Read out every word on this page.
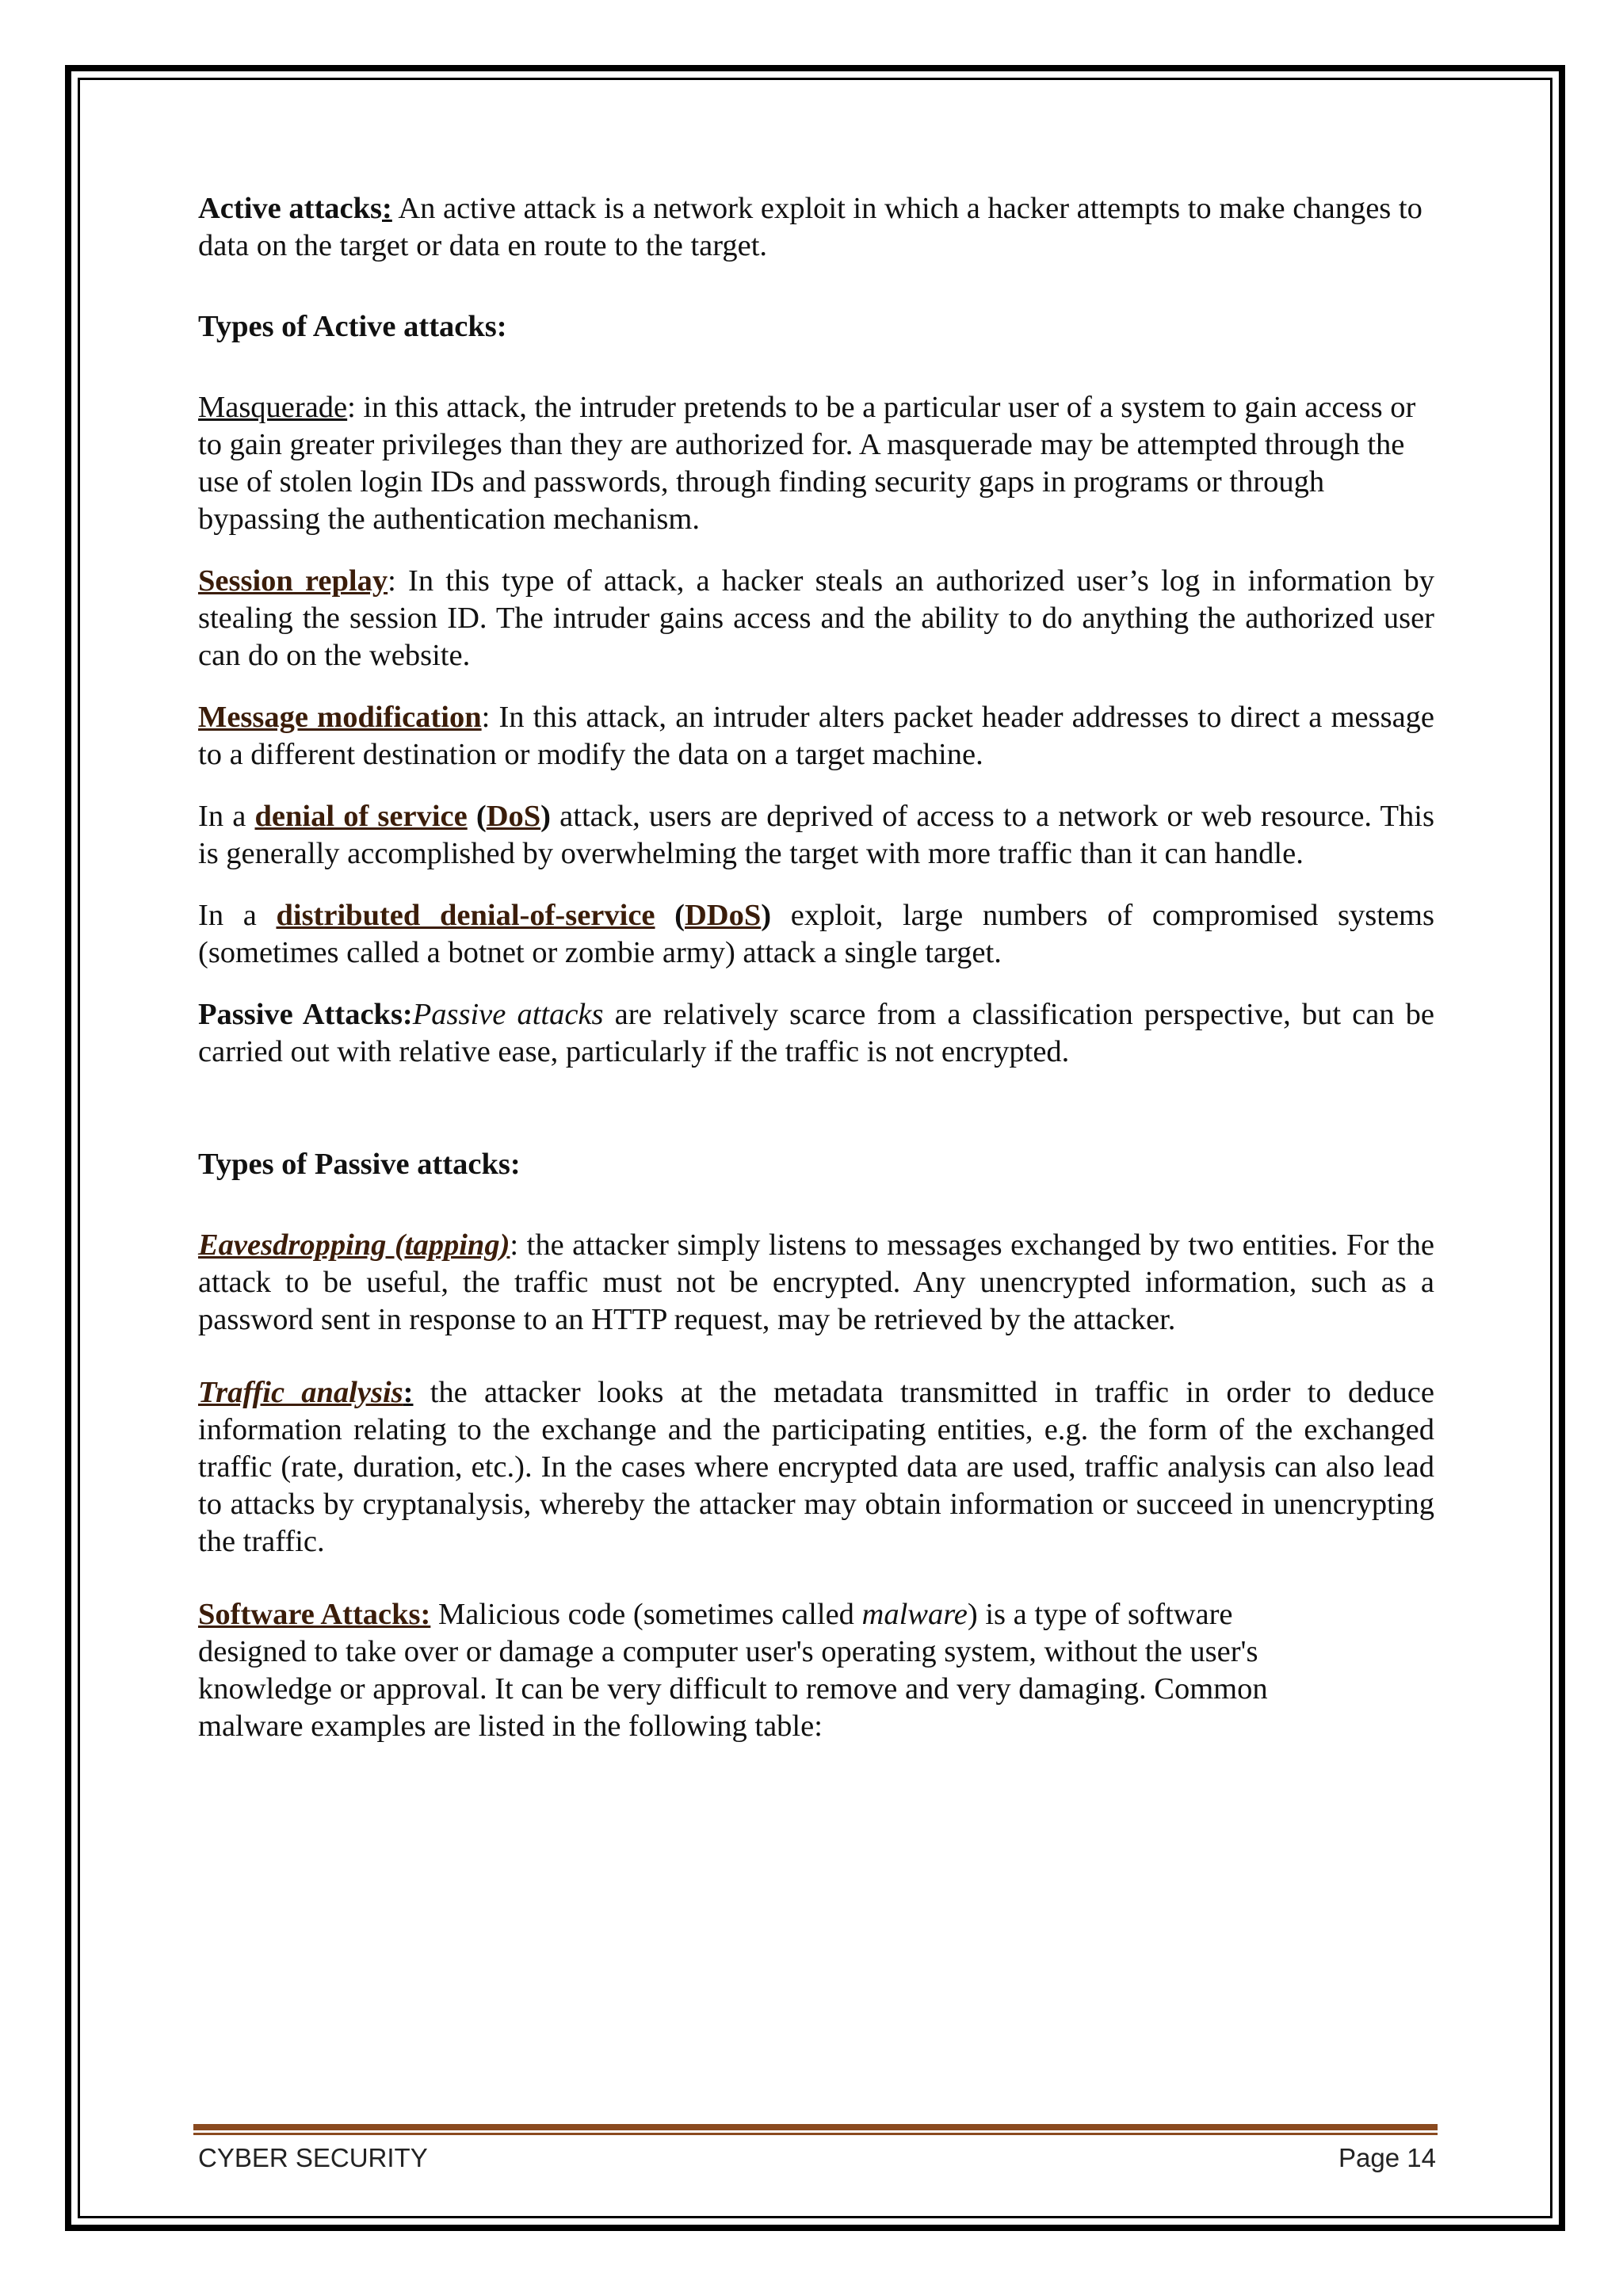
Active attacks: An active attack is a network exploit in which a hacker attempts to make changes to data on the target or data en route to the target.

Types of Active attacks:

Masquerade: in this attack, the intruder pretends to be a particular user of a system to gain access or to gain greater privileges than they are authorized for. A masquerade may be attempted through the use of stolen login IDs and passwords, through finding security gaps in programs or through bypassing the authentication mechanism.

Session replay: In this type of attack, a hacker steals an authorized user’s log in information by stealing the session ID. The intruder gains access and the ability to do anything the authorized user can do on the website.

Message modification: In this attack, an intruder alters packet header addresses to direct a message to a different destination or modify the data on a target machine.

In a denial of service (DoS) attack, users are deprived of access to a network or web resource. This is generally accomplished by overwhelming the target with more traffic than it can handle.

In a distributed denial-of-service (DDoS) exploit, large numbers of compromised systems (sometimes called a botnet or zombie army) attack a single target.

Passive Attacks:Passive attacks are relatively scarce from a classification perspective, but can be carried out with relative ease, particularly if the traffic is not encrypted.

Types of Passive attacks:

Eavesdropping (tapping): the attacker simply listens to messages exchanged by two entities. For the attack to be useful, the traffic must not be encrypted. Any unencrypted information, such as a password sent in response to an HTTP request, may be retrieved by the attacker.

Traffic analysis: the attacker looks at the metadata transmitted in traffic in order to deduce information relating to the exchange and the participating entities, e.g. the form of the exchanged traffic (rate, duration, etc.). In the cases where encrypted data are used, traffic analysis can also lead to attacks by cryptanalysis, whereby the attacker may obtain information or succeed in unencrypting the traffic.

Software Attacks: Malicious code (sometimes called malware) is a type of software designed to take over or damage a computer user's operating system, without the user's knowledge or approval. It can be very difficult to remove and very damaging. Common malware examples are listed in the following table:

CYBER SECURITY	Page 14
